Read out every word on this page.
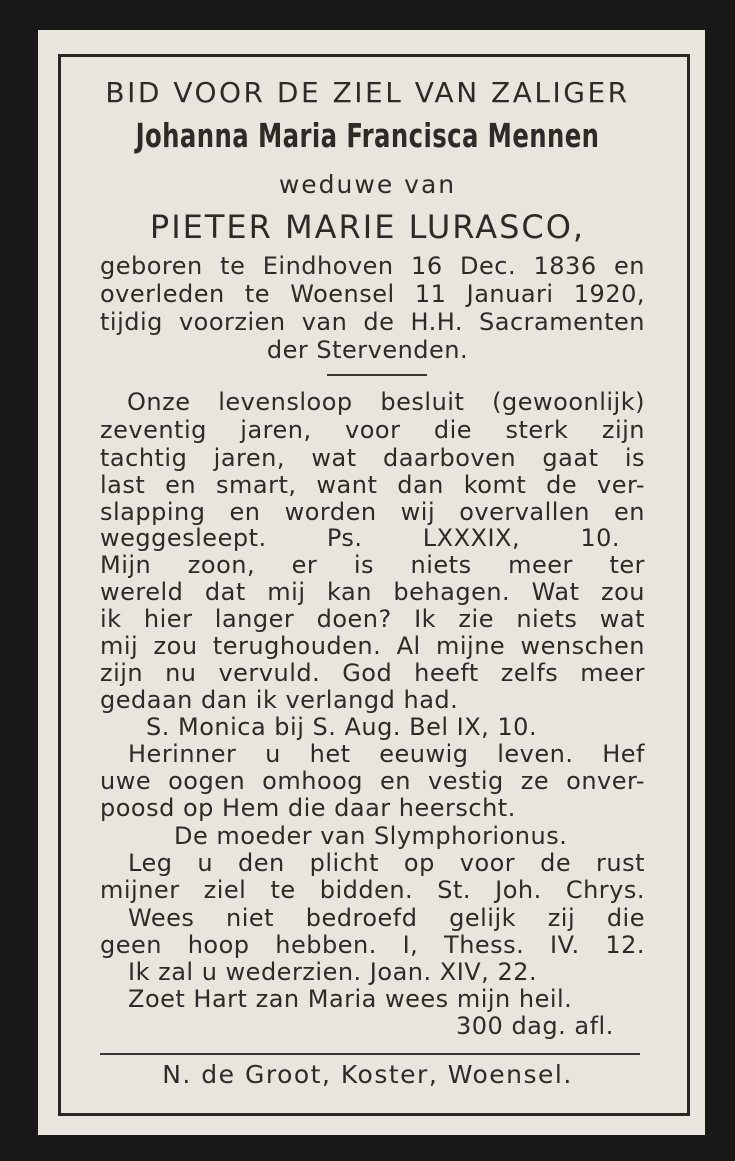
BID VOOR DE ZIEL VAN ZALIGER
Johanna Maria Francisca Mennen
weduwe van
PIETER MARIE LURASCO,
geboren te Eindhoven 16 Dec. 1836 en
overleden te Woensel 11 Januari 1920,
tijdig voorzien van de H.H. Sacramenten
der Stervenden.
Onze levensloop besluit (gewoonlijk)
zeventig jaren, voor die sterk zijn
tachtig jaren, wat daarboven gaat is
last en smart, want dan komt de ver-
slapping en worden wij overvallen en
weggesleept. Ps. LXXXIX, 10.
Mijn zoon, er is niets meer ter
wereld dat mij kan behagen. Wat zou
ik hier langer doen? Ik zie niets wat
mij zou terughouden. Al mijne wenschen
zijn nu vervuld. God heeft zelfs meer
gedaan dan ik verlangd had.
S. Monica bij S. Aug. Bel IX, 10.
Herinner u het eeuwig leven. Hef
uwe oogen omhoog en vestig ze onver-
poosd op Hem die daar heerscht.
De moeder van Slymphorionus.
Leg u den plicht op voor de rust
mijner ziel te bidden. St. Joh. Chrys.
Wees niet bedroefd gelijk zij die
geen hoop hebben. I, Thess. IV. 12.
Ik zal u wederzien. Joan. XIV, 22.
Zoet Hart zan Maria wees mijn heil.
300 dag. afl.
N. de Groot, Koster, Woensel.
